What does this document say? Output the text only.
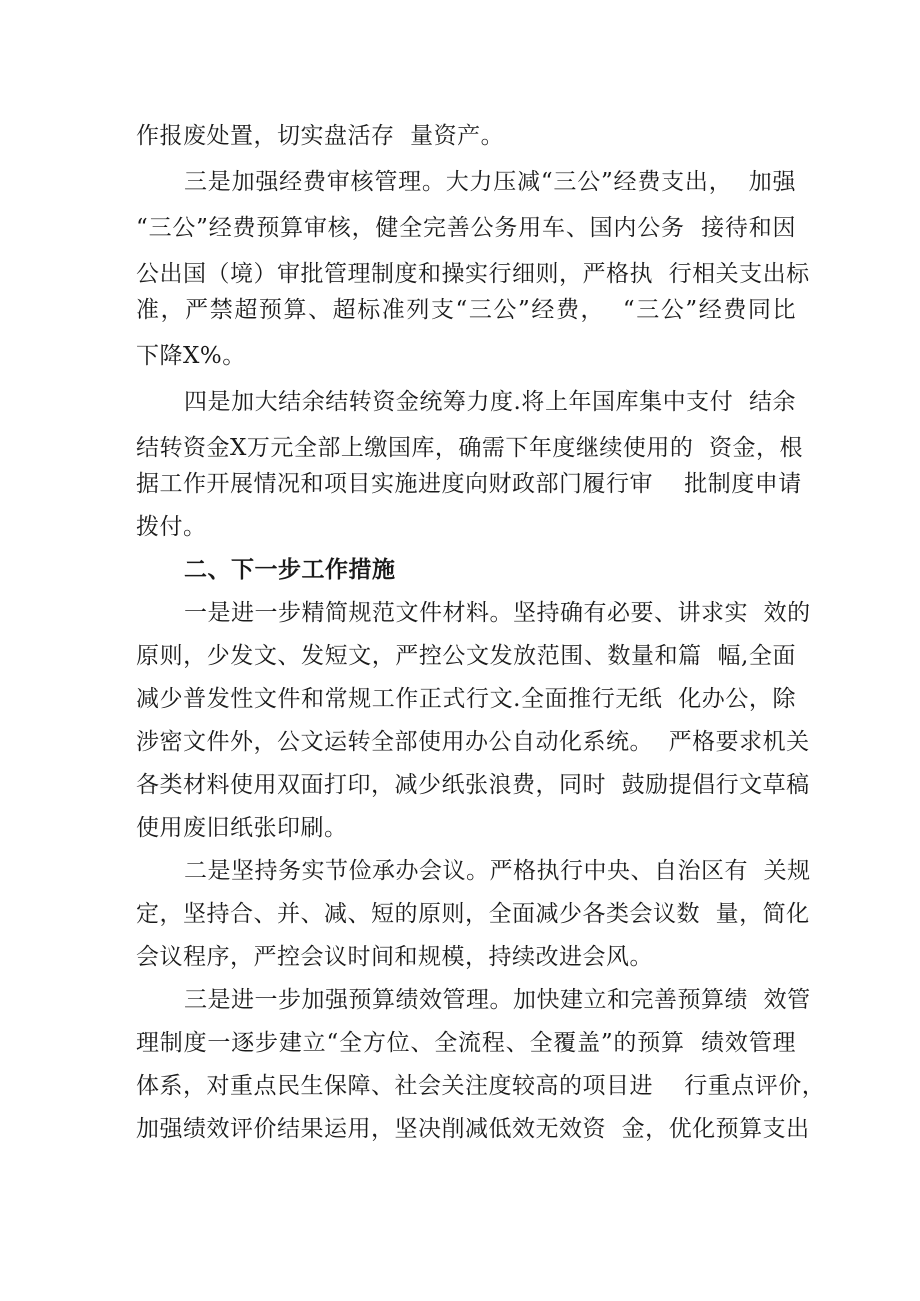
作报废处置，切实盘活存  量资产。
三是加强经费审核管理。大力压减“三公”经费支出，  加强
“三公”经费预算审核，健全完善公务用车、国内公务  接待和因
公出国（境）审批管理制度和操实行细则，严格执  行相关支出标
准，严禁超预算、超标准列支“三公”经费，  “三公”经费同比
下降X%。
四是加大结余结转资金统筹力度.将上年国库集中支付  结余
结转资金X万元全部上缴国库，确需下年度继续使用的  资金，根
据工作开展情况和项目实施进度向财政部门履行审    批制度申请
拨付。
二、下一步工作措施
一是进一步精简规范文件材料。坚持确有必要、讲求实  效的
原则，少发文、发短文，严控公文发放范围、数量和篇  幅,全面
减少普发性文件和常规工作正式行文.全面推行无纸  化办公，除
涉密文件外，公文运转全部使用办公自动化系统。  严格要求机关
各类材料使用双面打印，减少纸张浪费，同时  鼓励提倡行文草稿
使用废旧纸张印刷。
二是坚持务实节俭承办会议。严格执行中央、自治区有  关规
定，坚持合、并、减、短的原则，全面减少各类会议数  量，简化
会议程序，严控会议时间和规模，持续改进会风。
三是进一步加强预算绩效管理。加快建立和完善预算绩  效管
理制度一逐步建立“全方位、全流程、全覆盖”的预算  绩效管理
体系，对重点民生保障、社会关注度较高的项目进    行重点评价，
加强绩效评价结果运用，坚决削减低效无效资  金，优化预算支出
